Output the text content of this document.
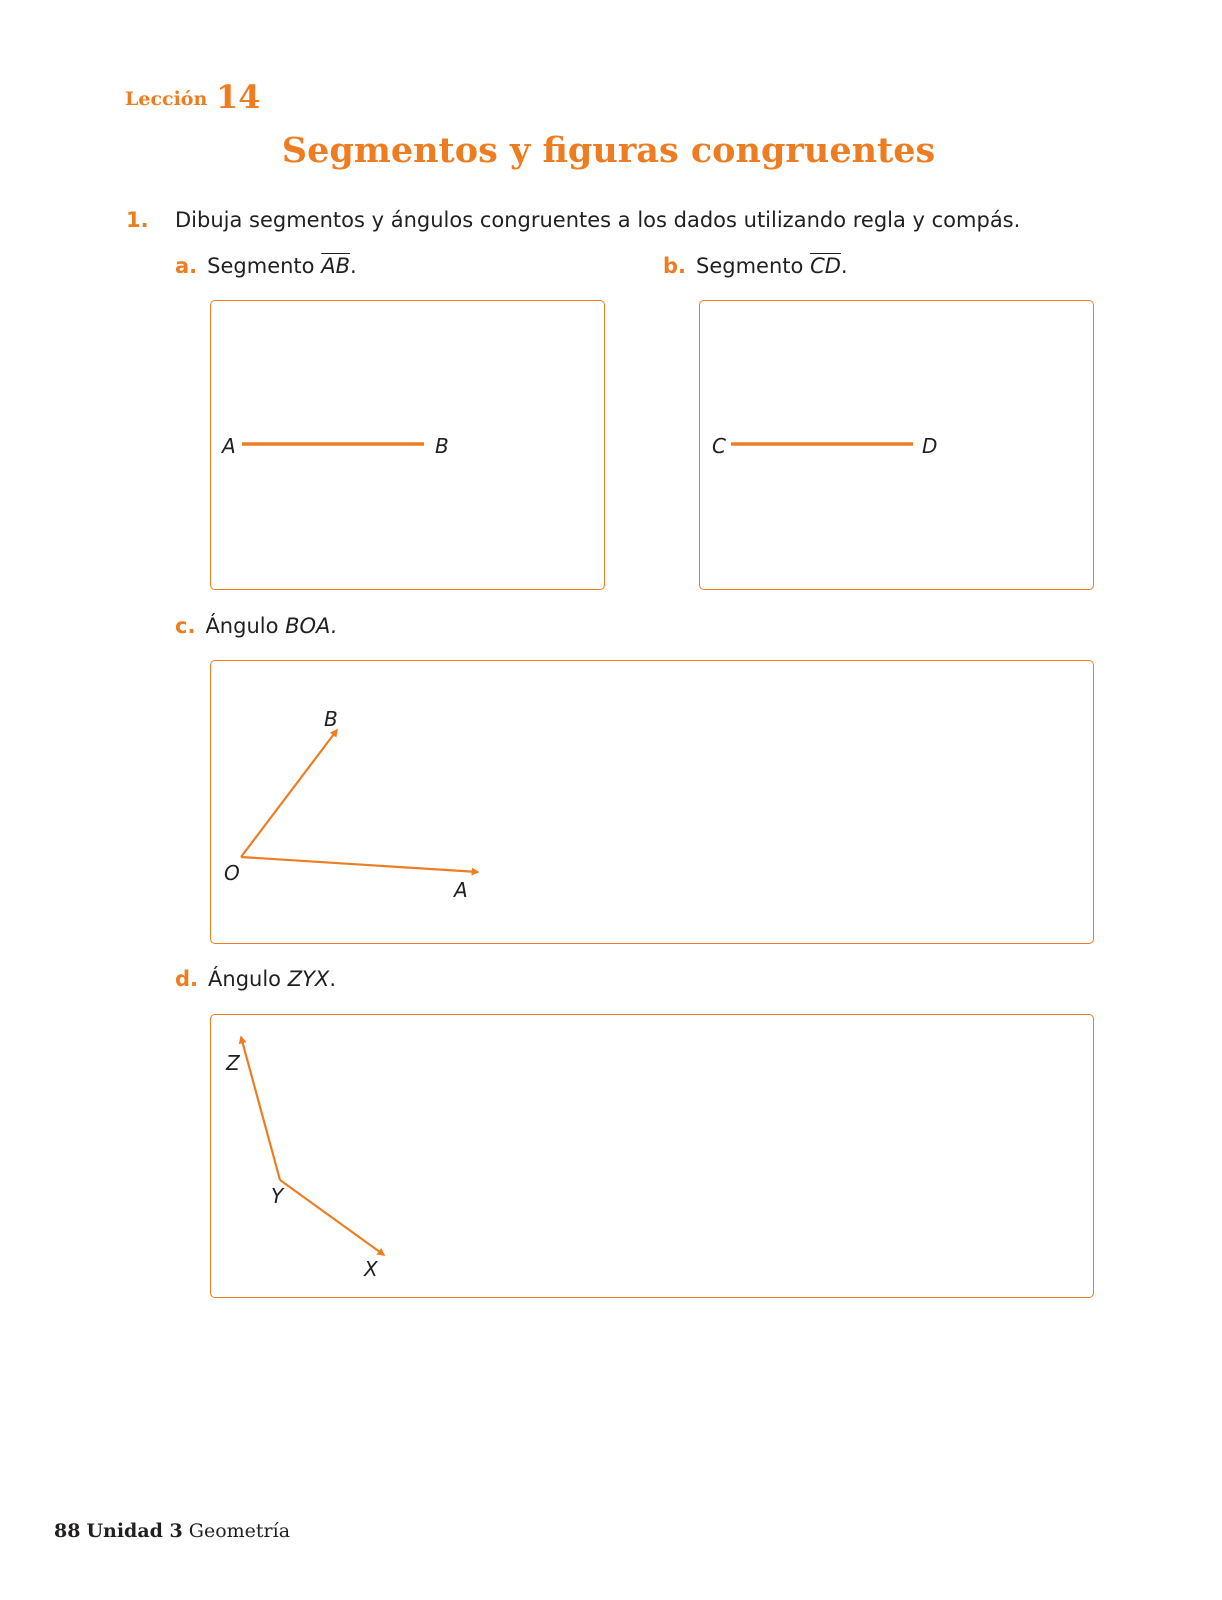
Lección 14
Segmentos y figuras congruentes
1. Dibuja segmentos y ángulos congruentes a los dados utilizando regla y compás.
a. Segmento $\overline{AB}$.	b. Segmento $\overline{CD}$.
c. Ángulo BOA.
d. Ángulo ZYX.
A	B	C	D
B
O
A
Z
Y
X
88 Unidad 3 Geometría
